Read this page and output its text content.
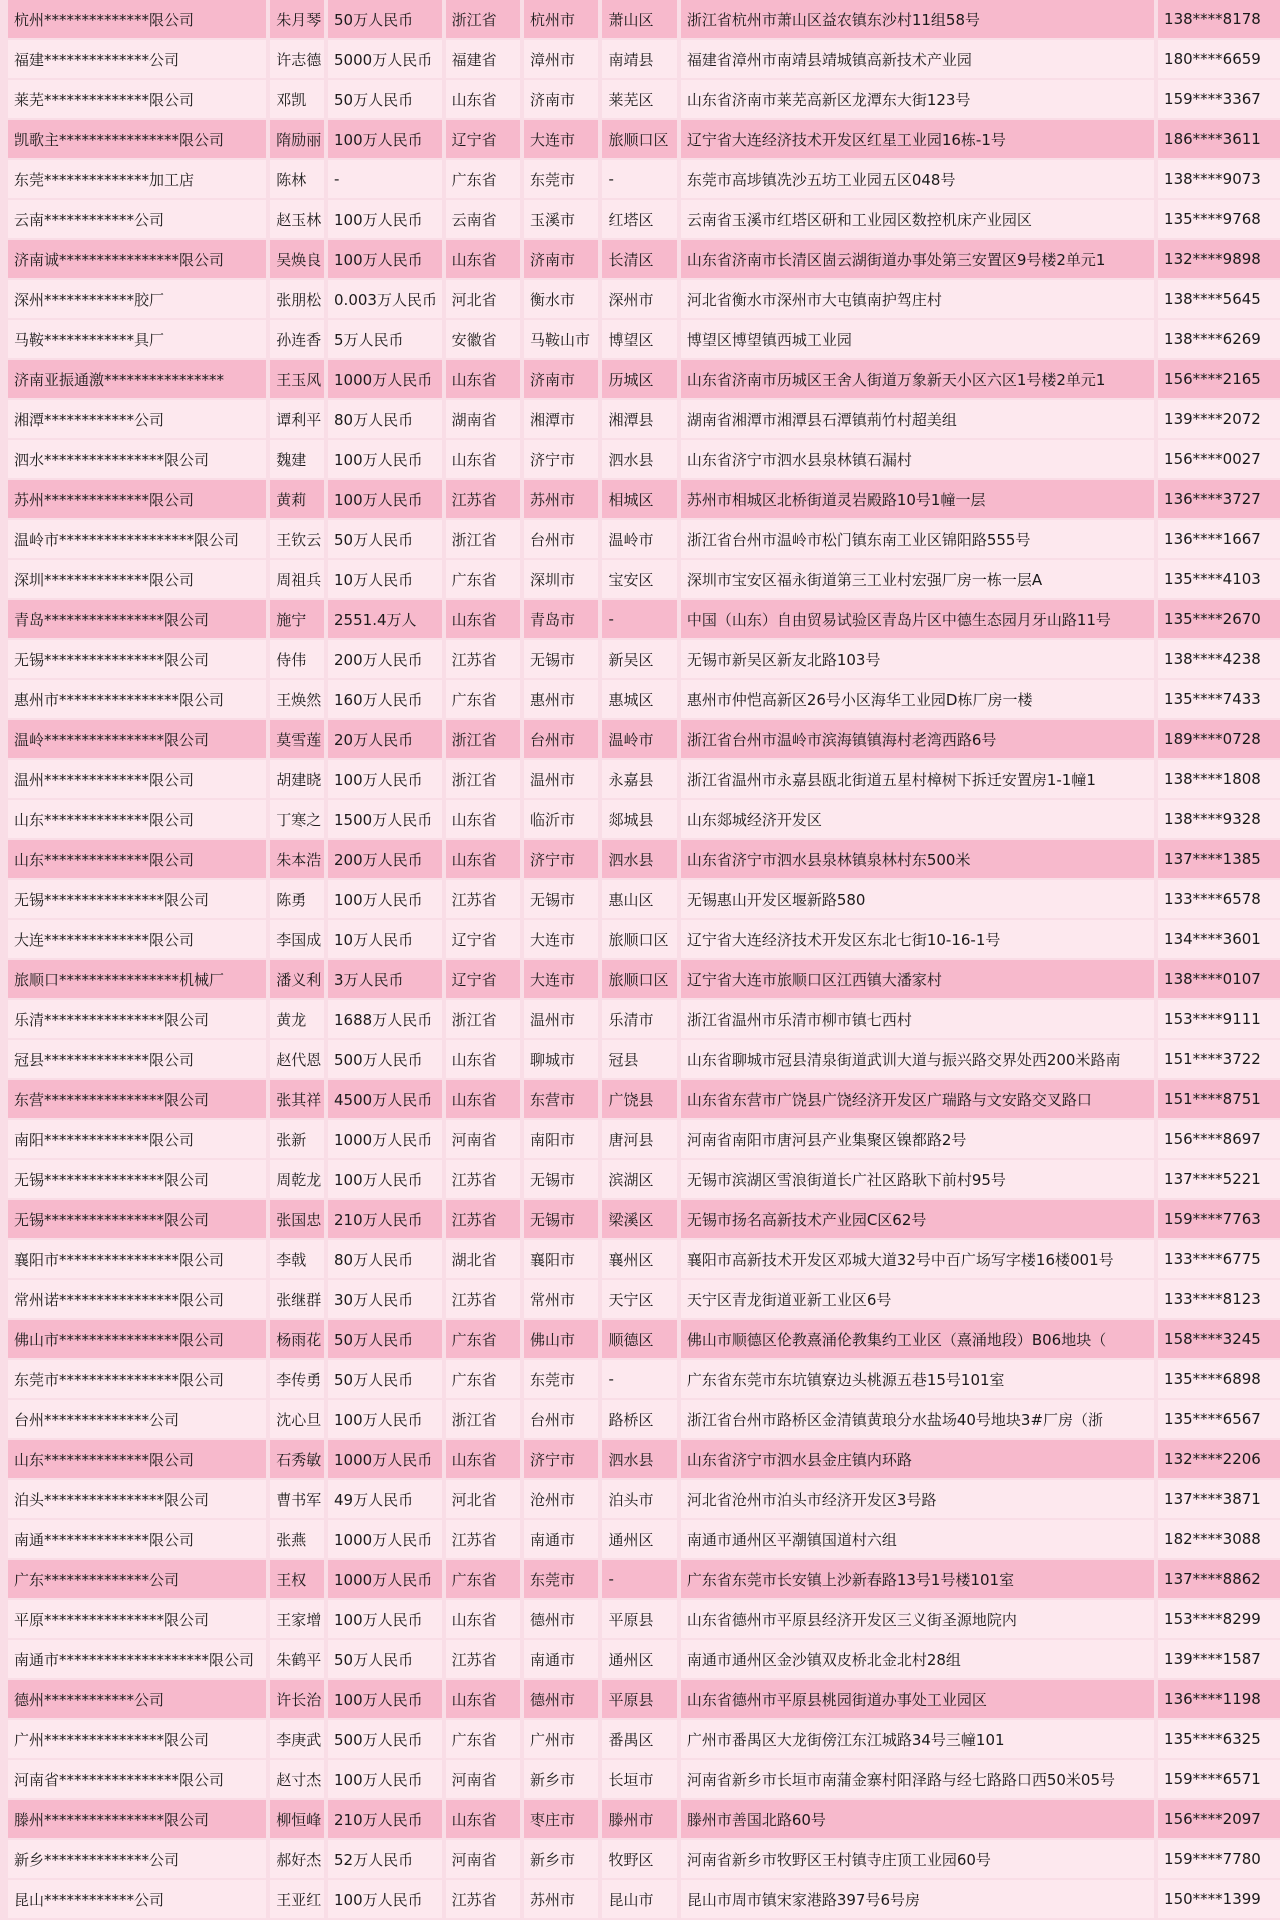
杭州**************限公司	朱月琴	50万人民币	浙江省	杭州市	萧山区	浙江省杭州市萧山区益农镇东沙村11组58号	138****8178
福建**************公司	许志德	5000万人民币	福建省	漳州市	南靖县	福建省漳州市南靖县靖城镇高新技术产业园	180****6659
莱芜**************限公司	邓凯	50万人民币	山东省	济南市	莱芜区	山东省济南市莱芜高新区龙潭东大街123号	159****3367
凯歌主****************限公司	隋励丽	100万人民币	辽宁省	大连市	旅顺口区	辽宁省大连经济技术开发区红星工业园16栋-1号	186****3611
东莞**************加工店	陈林	-	广东省	东莞市	-	东莞市高埗镇冼沙五坊工业园五区048号	138****9073
云南************公司	赵玉林	100万人民币	云南省	玉溪市	红塔区	云南省玉溪市红塔区研和工业园区数控机床产业园区	135****9768
济南诚****************限公司	吴焕良	100万人民币	山东省	济南市	长清区	山东省济南市长清区崮云湖街道办事处第三安置区9号楼2单元1	132****9898
深州************胶厂	张朋松	0.003万人民币	河北省	衡水市	深州市	河北省衡水市深州市大屯镇南护驾庄村	138****5645
马鞍************具厂	孙连香	5万人民币	安徽省	马鞍山市	博望区	博望区博望镇西城工业园	138****6269
济南亚振通激****************	王玉风	1000万人民币	山东省	济南市	历城区	山东省济南市历城区王舍人街道万象新天小区六区1号楼2单元1	156****2165
湘潭************公司	谭利平	80万人民币	湖南省	湘潭市	湘潭县	湖南省湘潭市湘潭县石潭镇荊竹村超美组	139****2072
泗水****************限公司	魏建	100万人民币	山东省	济宁市	泗水县	山东省济宁市泗水县泉林镇石漏村	156****0027
苏州**************限公司	黄莉	100万人民币	江苏省	苏州市	相城区	苏州市相城区北桥街道灵岩殿路10号1幢一层	136****3727
温岭市******************限公司	王钦云	50万人民币	浙江省	台州市	温岭市	浙江省台州市温岭市松门镇东南工业区锦阳路555号	136****1667
深圳**************限公司	周祖兵	10万人民币	广东省	深圳市	宝安区	深圳市宝安区福永街道第三工业村宏强厂房一栋一层A	135****4103
青岛****************限公司	施宁	2551.4万人	山东省	青岛市	-	中国（山东）自由贸易试验区青岛片区中德生态园月牙山路11号	135****2670
无锡****************限公司	侍伟	200万人民币	江苏省	无锡市	新吴区	无锡市新吴区新友北路103号	138****4238
惠州市****************限公司	王焕然	160万人民币	广东省	惠州市	惠城区	惠州市仲恺高新区26号小区海华工业园D栋厂房一楼	135****7433
温岭****************限公司	莫雪莲	20万人民币	浙江省	台州市	温岭市	浙江省台州市温岭市滨海镇镇海村老湾西路6号	189****0728
温州**************限公司	胡建晓	100万人民币	浙江省	温州市	永嘉县	浙江省温州市永嘉县瓯北街道五星村樟树下拆迁安置房1-1幢1	138****1808
山东**************限公司	丁寒之	1500万人民币	山东省	临沂市	郯城县	山东郯城经济开发区	138****9328
山东**************限公司	朱本浩	200万人民币	山东省	济宁市	泗水县	山东省济宁市泗水县泉林镇泉林村东500米	137****1385
无锡****************限公司	陈勇	100万人民币	江苏省	无锡市	惠山区	无锡惠山开发区堰新路580	133****6578
大连**************限公司	李国成	10万人民币	辽宁省	大连市	旅顺口区	辽宁省大连经济技术开发区东北七街10-16-1号	134****3601
旅顺口****************机械厂	潘义利	3万人民币	辽宁省	大连市	旅顺口区	辽宁省大连市旅顺口区江西镇大潘家村	138****0107
乐清****************限公司	黄龙	1688万人民币	浙江省	温州市	乐清市	浙江省温州市乐清市柳市镇七西村	153****9111
冠县**************限公司	赵代恩	500万人民币	山东省	聊城市	冠县	山东省聊城市冠县清泉街道武训大道与振兴路交界处西200米路南	151****3722
东营****************限公司	张其祥	4500万人民币	山东省	东营市	广饶县	山东省东营市广饶县广饶经济开发区广瑞路与文安路交叉路口	151****8751
南阳**************限公司	张新	1000万人民币	河南省	南阳市	唐河县	河南省南阳市唐河县产业集聚区镍都路2号	156****8697
无锡****************限公司	周乾龙	100万人民币	江苏省	无锡市	滨湖区	无锡市滨湖区雪浪街道长广社区路耿下前村95号	137****5221
无锡****************限公司	张国忠	210万人民币	江苏省	无锡市	梁溪区	无锡市扬名高新技术产业园C区62号	159****7763
襄阳市****************限公司	李戟	80万人民币	湖北省	襄阳市	襄州区	襄阳市高新技术开发区邓城大道32号中百广场写字楼16楼001号	133****6775
常州诺****************限公司	张继群	30万人民币	江苏省	常州市	天宁区	天宁区青龙街道亚新工业区6号	133****8123
佛山市****************限公司	杨雨花	50万人民币	广东省	佛山市	顺德区	佛山市顺德区伦教熹涌伦教集约工业区（熹涌地段）B06地块（	158****3245
东莞市****************限公司	李传勇	50万人民币	广东省	东莞市	-	广东省东莞市东坑镇寮边头桃源五巷15号101室	135****6898
台州**************公司	沈心旦	100万人民币	浙江省	台州市	路桥区	浙江省台州市路桥区金清镇黄琅分水盐场40号地块3#厂房（浙	135****6567
山东**************限公司	石秀敏	1000万人民币	山东省	济宁市	泗水县	山东省济宁市泗水县金庄镇内环路	132****2206
泊头****************限公司	曹书军	49万人民币	河北省	沧州市	泊头市	河北省沧州市泊头市经济开发区3号路	137****3871
南通**************限公司	张燕	1000万人民币	江苏省	南通市	通州区	南通市通州区平潮镇国道村六组	182****3088
广东**************公司	王权	1000万人民币	广东省	东莞市	-	广东省东莞市长安镇上沙新春路13号1号楼101室	137****8862
平原****************限公司	王家增	100万人民币	山东省	德州市	平原县	山东省德州市平原县经济开发区三义街圣源地院内	153****8299
南通市********************限公司	朱鹤平	50万人民币	江苏省	南通市	通州区	南通市通州区金沙镇双皮桥北金北村28组	139****1587
德州************公司	许长治	100万人民币	山东省	德州市	平原县	山东省德州市平原县桃园街道办事处工业园区	136****1198
广州****************限公司	李庚武	500万人民币	广东省	广州市	番禺区	广州市番禺区大龙街傍江东江城路34号三幢101	135****6325
河南省****************限公司	赵寸杰	100万人民币	河南省	新乡市	长垣市	河南省新乡市长垣市南蒲金寨村阳泽路与经七路路口西50米05号	159****6571
滕州****************限公司	柳恒峰	210万人民币	山东省	枣庄市	滕州市	滕州市善国北路60号	156****2097
新乡**************公司	郝好杰	52万人民币	河南省	新乡市	牧野区	河南省新乡市牧野区王村镇寺庄顶工业园60号	159****7780
昆山************公司	王亚红	100万人民币	江苏省	苏州市	昆山市	昆山市周市镇宋家港路397号6号房	150****1399
